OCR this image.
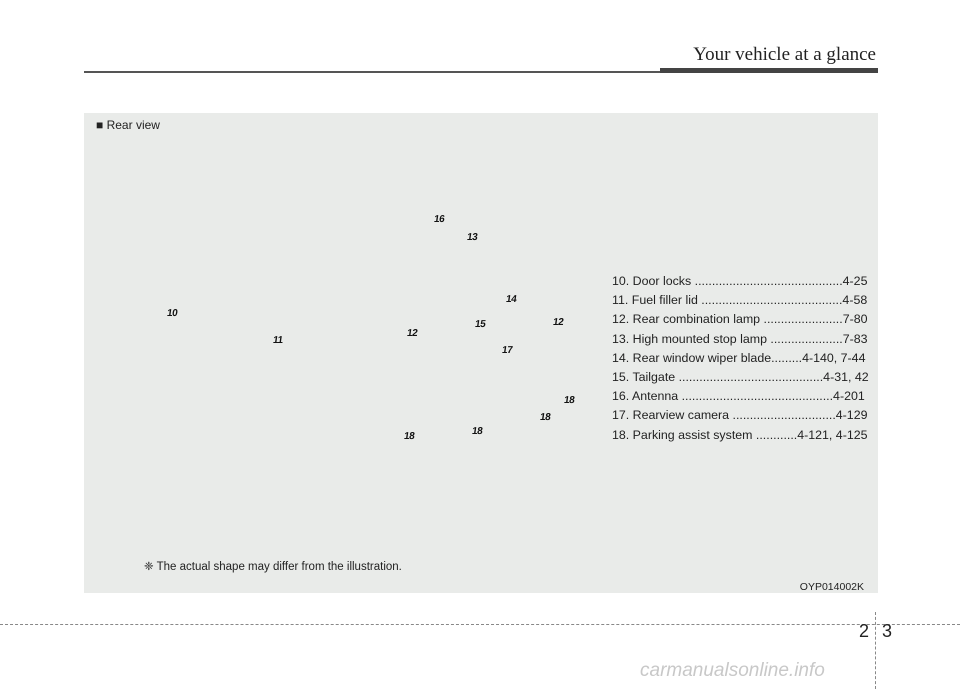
Your vehicle at a glance
■ Rear view
16
13
14
10
11
12
15	12
17
18
18
18
18
10. Door locks ...........................................4-25
11. Fuel filler lid .........................................4-58
12. Rear combination lamp .......................7-80
13. High mounted stop lamp .....................7-83
14. Rear window wiper blade.........4-140, 7-44
15. Tailgate ..........................................4-31, 42
16. Antenna ............................................4-201
17. Rearview camera ..............................4-129
18. Parking assist system ............4-121, 4-125
❈ The actual shape may differ from the illustration.
OYP014002K
2 3
carmanualsonline.info
